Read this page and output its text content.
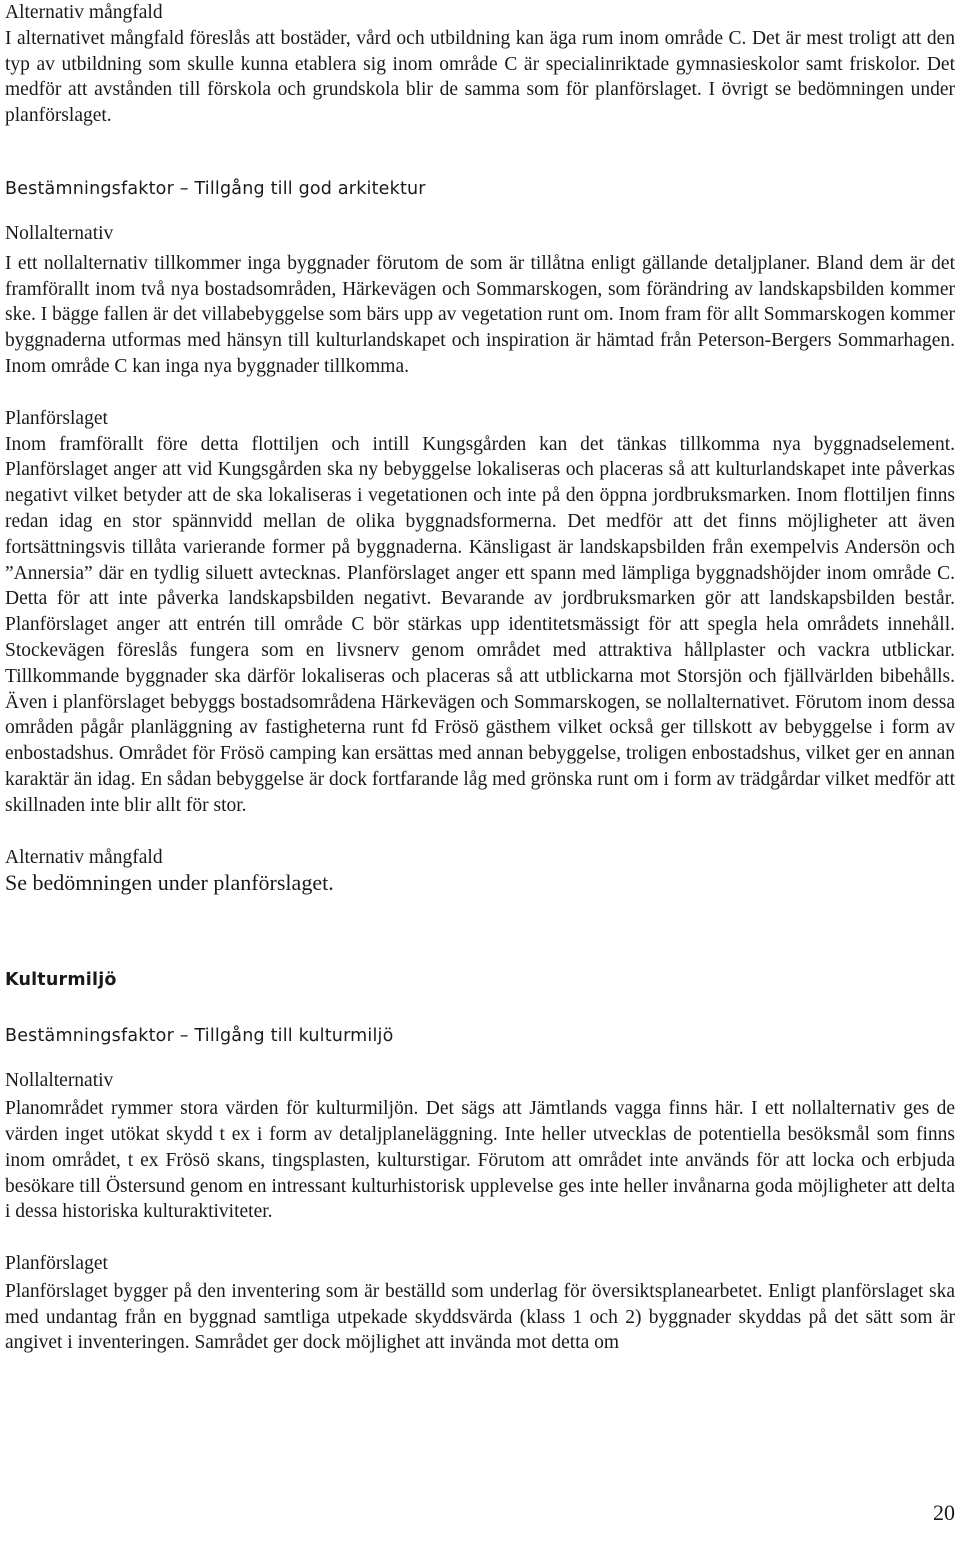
Alternativ mångfald

I alternativet mångfald föreslås att bostäder, vård och utbildning kan äga rum inom område C. Det är mest troligt att den typ av utbildning som skulle kunna etablera sig inom område C är specialinriktade gymnasieskolor samt friskolor. Det medför att avstånden till förskola och grundskola blir de samma som för planförslaget. I övrigt se bedömningen under planförslaget.

Bestämningsfaktor – Tillgång till god arkitektur
Nollalternativ

I ett nollalternativ tillkommer inga byggnader förutom de som är tillåtna enligt gällande detaljplaner. Bland dem är det framförallt inom två nya bostadsområden, Härkevägen och Sommarskogen, som förändring av landskapsbilden kommer ske. I bägge fallen är det villabebyggelse som bärs upp av vegetation runt om. Inom fram för allt Sommarskogen kommer byggnaderna utformas med hänsyn till kulturlandskapet och inspiration är hämtad från Peterson-Bergers Sommarhagen. Inom område C kan inga nya byggnader tillkomma.

Planförslaget

Inom framförallt före detta flottiljen och intill Kungsgården kan det tänkas tillkomma nya byggnadselement. Planförslaget anger att vid Kungsgården ska ny bebyggelse lokaliseras och placeras så att kulturlandskapet inte påverkas negativt vilket betyder att de ska lokaliseras i vegetationen och inte på den öppna jordbruksmarken. Inom flottiljen finns redan idag en stor spännvidd mellan de olika byggnadsformerna. Det medför att det finns möjligheter att även fortsättningsvis tillåta varierande former på byggnaderna. Känsligast är landskapsbilden från exempelvis Andersön och ”Annersia” där en tydlig siluett avtecknas. Planförslaget anger ett spann med lämpliga byggnadshöjder inom område C. Detta för att inte påverka landskapsbilden negativt. Bevarande av jordbruksmarken gör att landskapsbilden består. Planförslaget anger att entrén till område C bör stärkas upp identitetsmässigt för att spegla hela områdets innehåll. Stockevägen föreslås fungera som en livsnerv genom området med attraktiva hållplaster och vackra utblickar. Tillkommande byggnader ska därför lokaliseras och placeras så att utblickarna mot Storsjön och fjällvärlden bibehålls. Även i planförslaget bebyggs bostadsområdena Härkevägen och Sommarskogen, se nollalternativet. Förutom inom dessa områden pågår planläggning av fastigheterna runt fd Frösö gästhem vilket också ger tillskott av bebyggelse i form av enbostadshus. Området för Frösö camping kan ersättas med annan bebyggelse, troligen enbostadshus, vilket ger en annan karaktär än idag. En sådan bebyggelse är dock fortfarande låg med grönska runt om i form av trädgårdar vilket medför att skillnaden inte blir allt för stor.

Alternativ mångfald
Se bedömningen under planförslaget.
Kulturmiljö
Bestämningsfaktor – Tillgång till kulturmiljö
Nollalternativ

Planområdet rymmer stora värden för kulturmiljön. Det sägs att Jämtlands vagga finns här. I ett nollalternativ ges de värden inget utökat skydd t ex i form av detaljplaneläggning. Inte heller utvecklas de potentiella besöksmål som finns inom området, t ex Frösö skans, tingsplasten, kulturstigar. Förutom att området inte används för att locka och erbjuda besökare till Östersund genom en intressant kulturhistorisk upplevelse ges inte heller invånarna goda möjligheter att delta i dessa historiska kulturaktiviteter.

Planförslaget

Planförslaget bygger på den inventering som är beställd som underlag för översiktsplanearbetet. Enligt planförslaget ska med undantag från en byggnad samtliga utpekade skyddsvärda (klass 1 och 2) byggnader skyddas på det sätt som är angivet i inventeringen. Samrådet ger dock möjlighet att invända mot detta om

20
